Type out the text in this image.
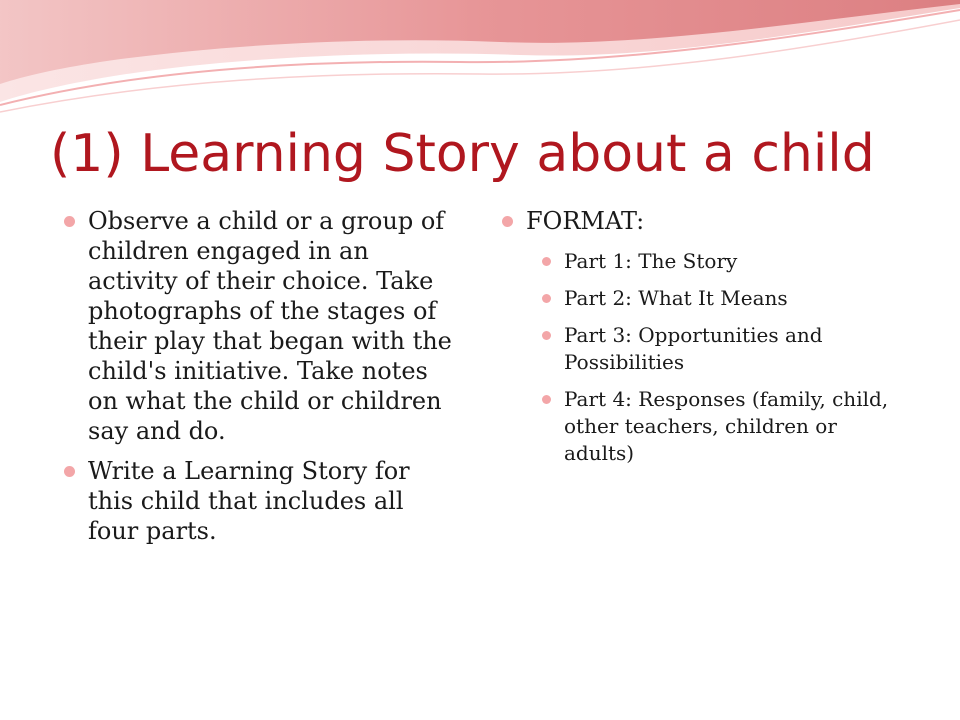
(1) Learning Story about a child
Observe a child or a group of children engaged in an activity of their choice. Take photographs of the stages of their play that began with the child's initiative. Take notes on what the child or children say and do.
Write a Learning Story for this child that includes all four parts.
FORMAT:
Part 1: The Story
Part 2: What It Means
Part 3: Opportunities and Possibilities
Part 4: Responses (family, child, other teachers, children or adults)
